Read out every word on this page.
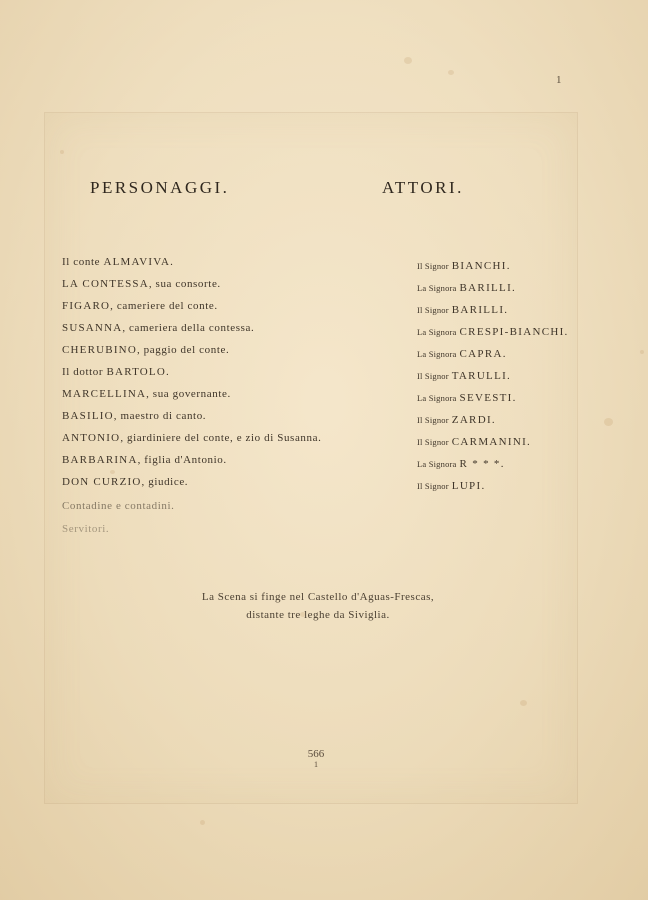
1
PERSONAGGI.	ATTORI.
Il conte ALMAVIVA.	Il Signor BIANCHI.
LA CONTESSA, sua consorte.	La Signora BARILLI.
FIGARO, cameriere del conte.	Il Signor BARILLI.
SUSANNA, cameriera della contessa.	La Signora CRESPI-BIANCHI.
CHERUBINO, paggio del conte.	La Signora CAPRA.
Il dottor BARTOLO.	Il Signor TARULLI.
MARCELLINA, sua governante.	La Signora SEVESTI.
BASILIO, maestro di canto.	Il Signor ZARDI.
ANTONIO, giardiniere del conte, e zio di Susanna.	Il Signor CARMANINI.
BARBARINA, figlia d'Antonio.	La Signora R * * *.
DON CURZIO, giudice.	Il Signor LUPI.
Contadine e contadini.
Servitori.
La Scena si finge nel Castello d'Aguas-Frescas,
distante tre leghe da Siviglia.
566
1
